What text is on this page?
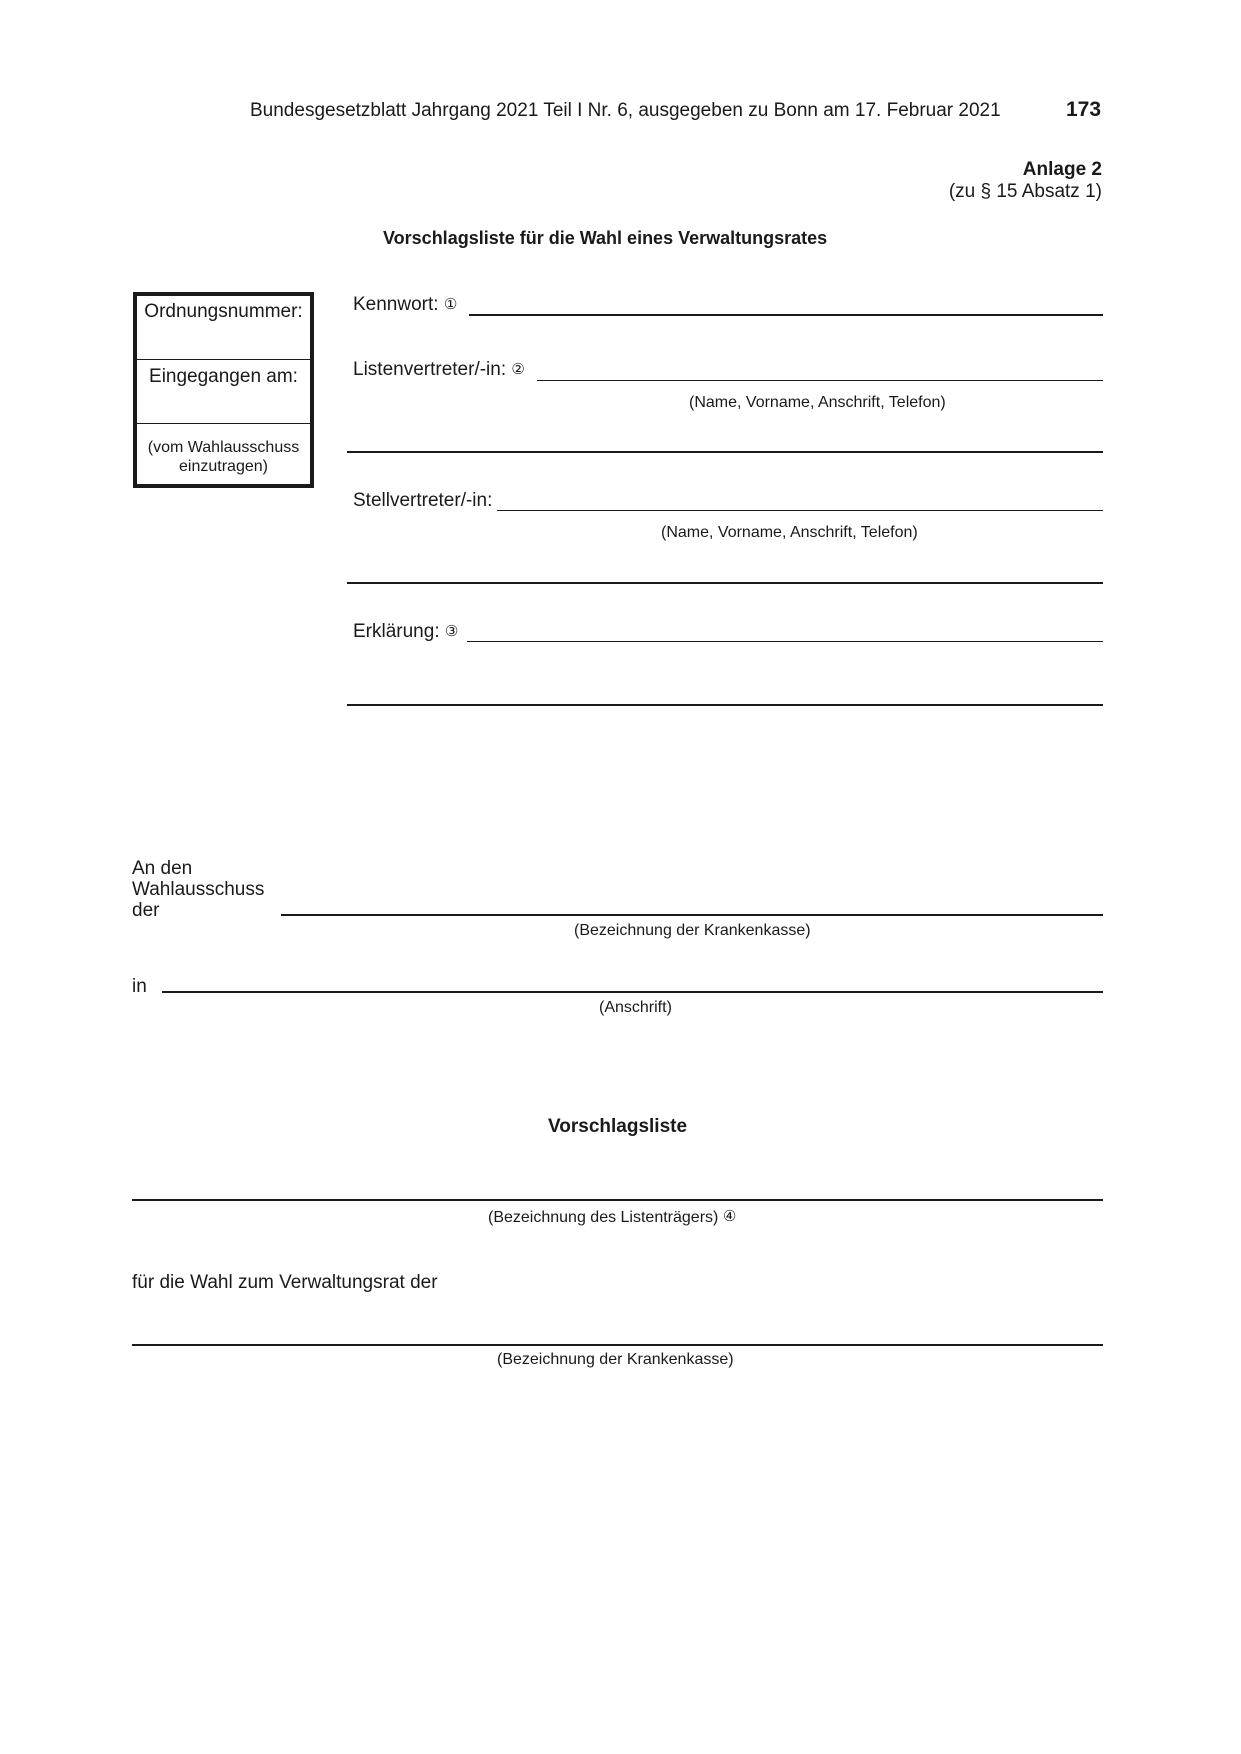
Bundesgesetzblatt Jahrgang 2021 Teil I Nr. 6, ausgegeben zu Bonn am 17. Februar 2021	173
Anlage 2
(zu § 15 Absatz 1)
Vorschlagsliste für die Wahl eines Verwaltungsrates
Ordnungsnummer:
Eingegangen am:
(vom Wahlausschuss einzutragen)
Kennwort: ①
Listenvertreter/-in: ②
(Name, Vorname, Anschrift, Telefon)
Stellvertreter/-in:
(Name, Vorname, Anschrift, Telefon)
Erklärung: ③
An den
Wahlausschuss
der
(Bezeichnung der Krankenkasse)
in
(Anschrift)
Vorschlagsliste
(Bezeichnung des Listenträgers) ④
für die Wahl zum Verwaltungsrat der
(Bezeichnung der Krankenkasse)
